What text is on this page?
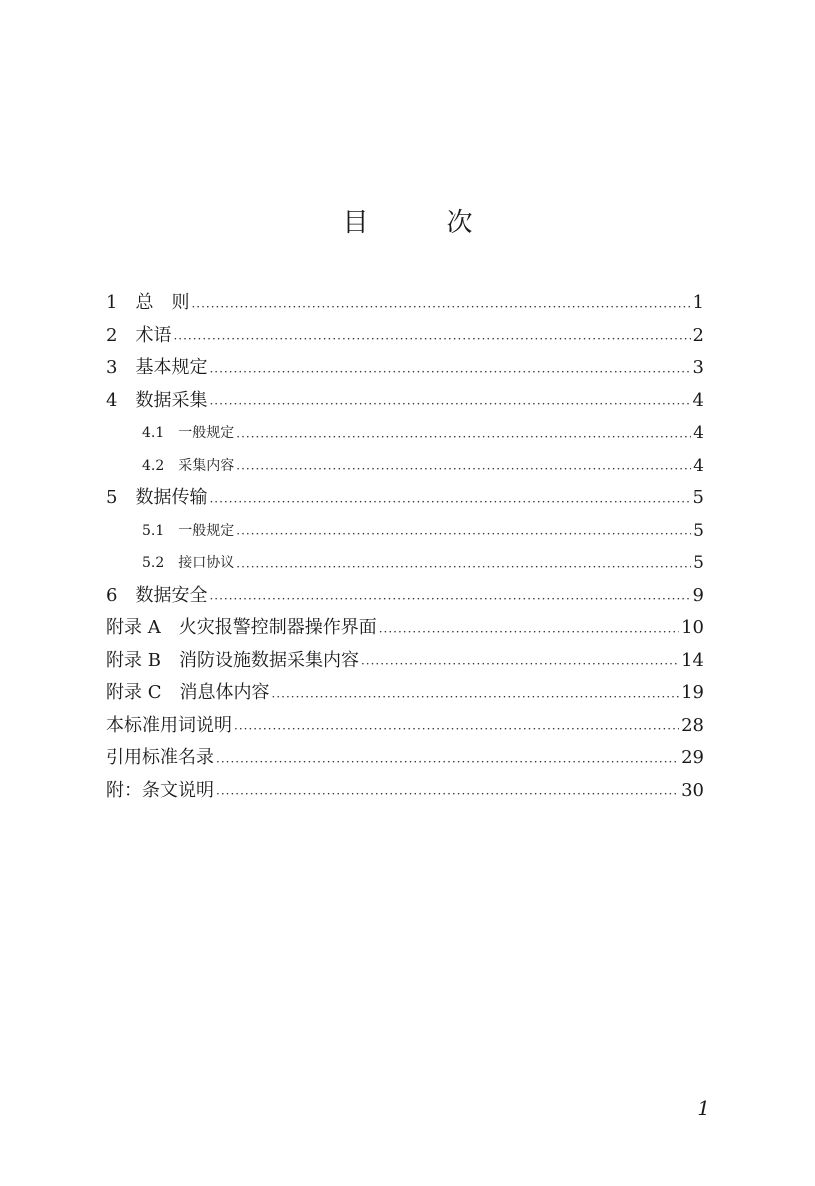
目　次
1　总　则 ·····	1
2　术语 ·····	2
3　基本规定 ·····	3
4　数据采集 ·····	4
4.1　一般规定 ·····	4
4.2　采集内容 ·····	4
5　数据传输 ·····	5
5.1　一般规定 ·····	5
5.2　接口协议 ·····	5
6　数据安全 ·····	9
附录 A　火灾报警控制器操作界面 ·····	10
附录 B　消防设施数据采集内容 ·····	14
附录 C　消息体内容 ·····	19
本标准用词说明 ·····	28
引用标准名录 ·····	29
附：条文说明 ·····	30
1
